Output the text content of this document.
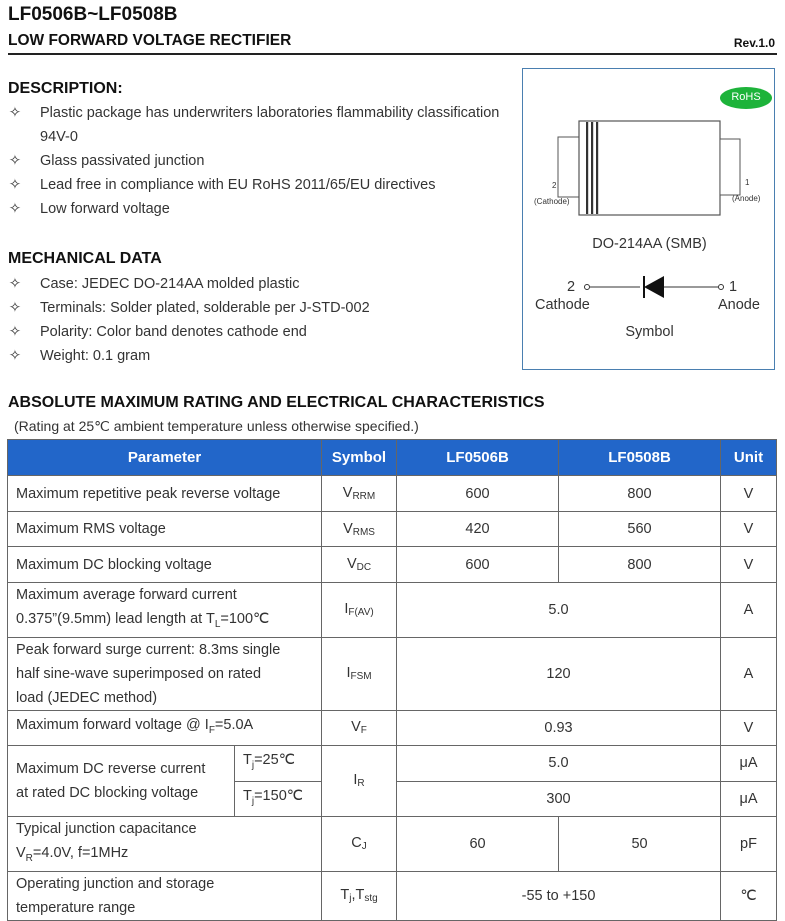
LF0506B~LF0508B
LOW FORWARD VOLTAGE RECTIFIER	Rev.1.0
DESCRIPTION:
✧ Plastic package has underwriters laboratories flammability classification 94V-0
✧ Glass passivated junction
✧ Lead free in compliance with EU RoHS 2011/65/EU directives
✧ Low forward voltage
MECHANICAL DATA
✧ Case: JEDEC DO-214AA molded plastic
✧ Terminals: Solder plated, solderable per J-STD-002
✧ Polarity: Color band denotes cathode end
✧ Weight: 0.1 gram
RoHS
2
(Cathode)
1
(Anode)
DO-214AA (SMB)
2
Cathode
1
Anode
Symbol
ABSOLUTE MAXIMUM RATING AND ELECTRICAL CHARACTERISTICS
(Rating at 25℃ ambient temperature unless otherwise specified.)
Parameter		Symbol	LF0506B	LF0508B	Unit
Maximum repetitive peak reverse voltage		$V_{RRM}$	600	800	V
Maximum RMS voltage		$V_{RMS}$	420	560	V
Maximum DC blocking voltage		$V_{DC}$	600	800	V

Maximum average forward current
0.375”(9.5mm) lead length at $T_L=100℃$		$I_{F(AV)}$	5.0		A

Peak forward surge current: 8.3ms single
half sine-wave superimposed on rated
load (JEDEC method)		$I_{FSM}$	120		A
Maximum forward voltage @ $I_F=5.0A$		$V_F$	0.93		V

Maximum DC reverse current
at rated DC blocking voltage	$T_j=25℃$	$I_R$	5.0		μA
	$T_j=150℃$		300		μA

Typical junction capacitance
$V_R=4.0V$, f=1MHz		$C_J$	60	50	pF

Operating junction and storage
temperature range		$T_j,T_{stg}$	-55 to +150		℃
